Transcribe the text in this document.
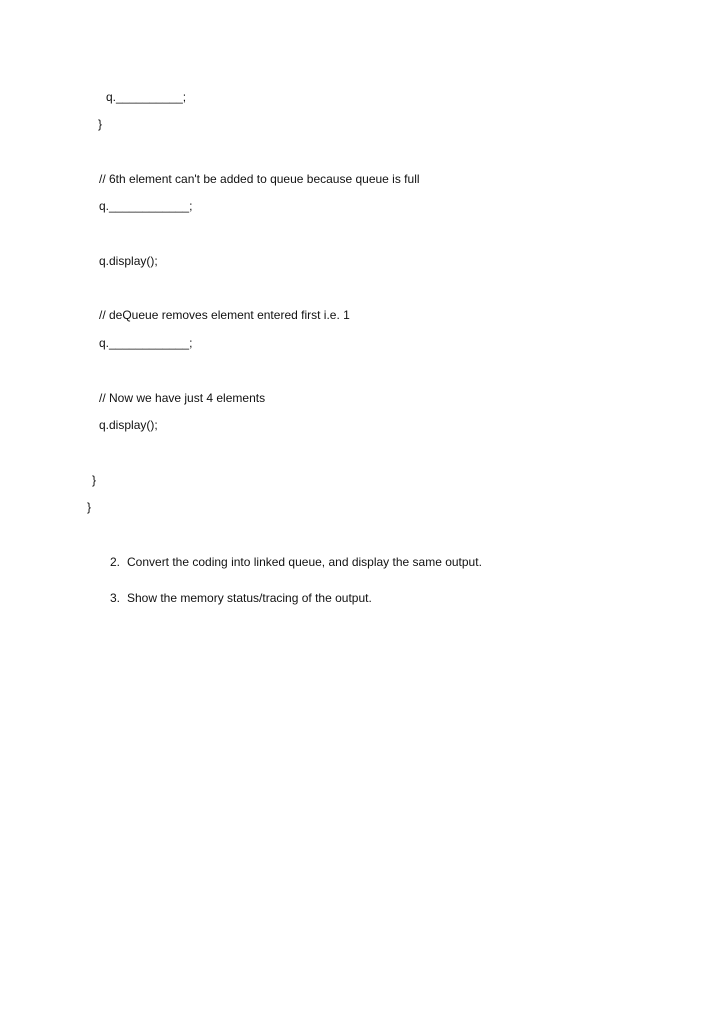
q.__________;
}
// 6th element can't be added to queue because queue is full
q.____________;
q.display();
// deQueue removes element entered first i.e. 1
q.____________;
// Now we have just 4 elements
q.display();
}
}

2.

Convert the coding into linked queue, and display the same output.

3.

Show the memory status/tracing of the output.
